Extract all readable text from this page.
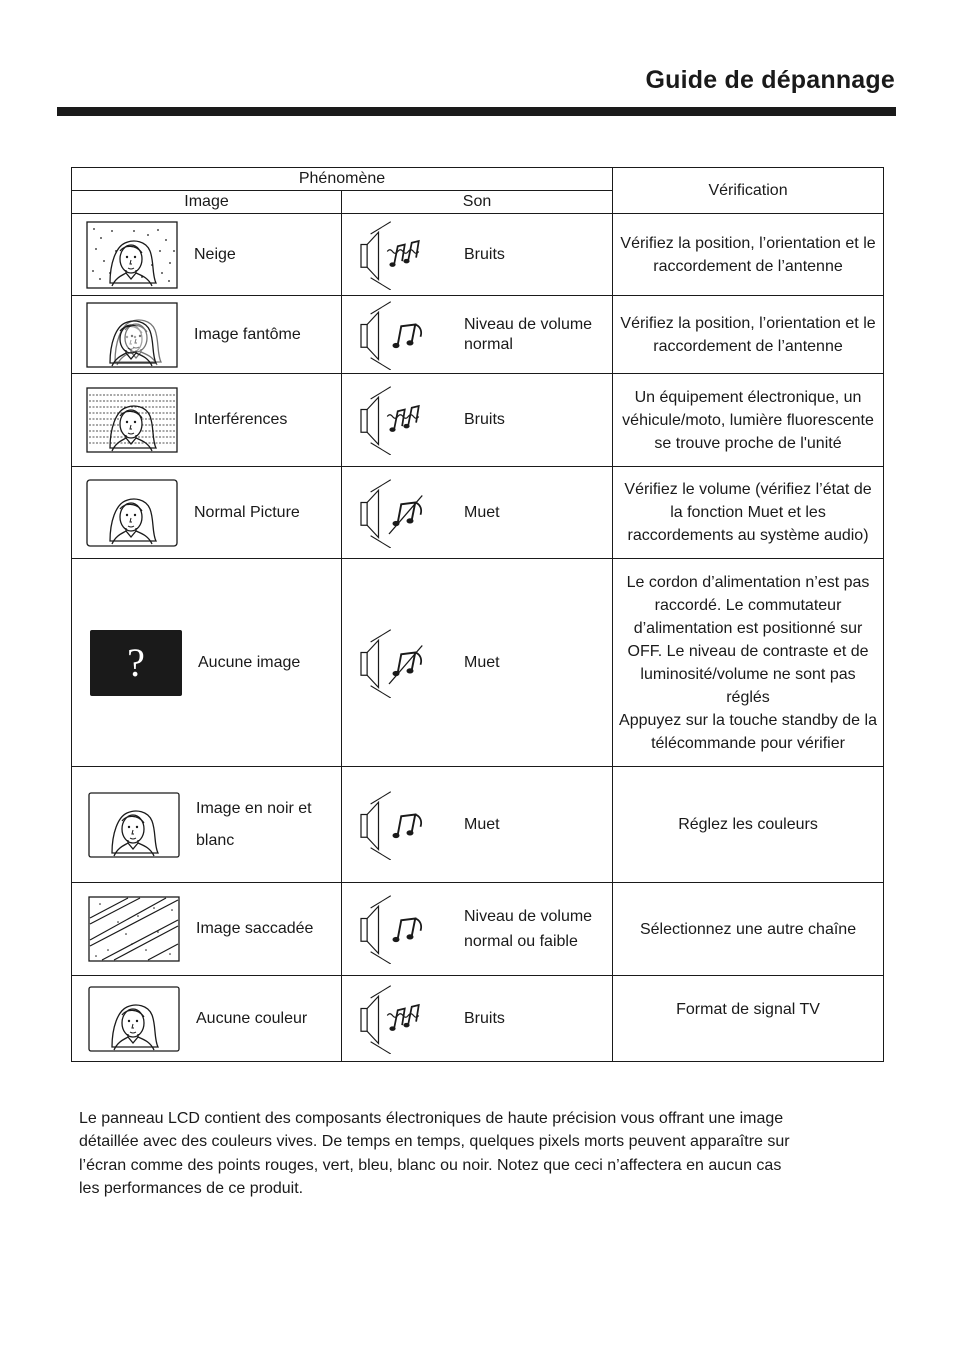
Guide de dépannage
Phénomène		Vérification
Image	Son	

Neige	Bruits	Vérifiez la position, l’orientation et le raccordement de l’antenne

Image fantôme	Niveau de volume normal	Vérifiez la position, l’orientation et le raccordement de l’antenne

Interférences	Bruits	Un équipement électronique, un véhicule/moto, lumière fluorescente se trouve proche de l'unité

Normal Picture	Muet	Vérifiez le volume (vérifiez l’état de la fonction Muet et les raccordements au système audio)

? Aucune image	Muet	Le cordon d’alimentation n’est pas raccordé. Le commutateur d’alimentation est positionné sur OFF. Le niveau de contraste et de luminosité/volume ne sont pas réglés
Appuyez sur la touche standby de la télécommande pour vérifier

Image en noir et blanc	Muet	Réglez les couleurs

Image saccadée	Niveau de volume normal ou faible	Sélectionnez une autre chaîne

Aucune couleur	Bruits	Format de signal TV

Le panneau LCD contient des composants électroniques de haute précision vous offrant une image
détaillée avec des couleurs vives. De temps en temps, quelques pixels morts peuvent apparaître sur
l’écran comme des points rouges, vert, bleu, blanc ou noir. Notez que ceci n’affectera en aucun cas
les performances de ce produit.
